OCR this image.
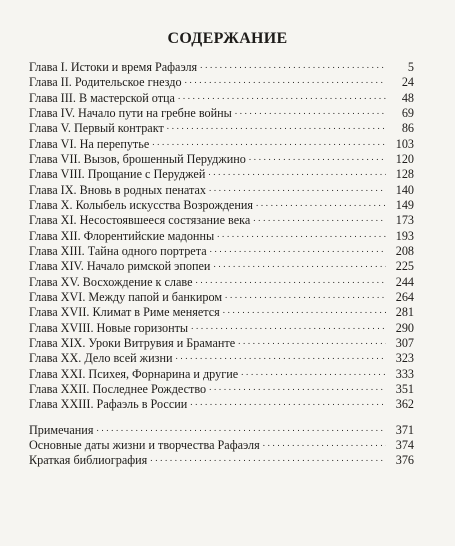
СОДЕРЖАНИЕ
Глава I. Истоки и время Рафаэля . . .	5
Глава II. Родительское гнездо . . .	24
Глава III. В мастерской отца . . .	48
Глава IV. Начало пути на гребне войны . . .	69
Глава V. Первый контракт . . .	86
Глава VI. На перепутье . . .	103
Глава VII. Вызов, брошенный Перуджино . . .	120
Глава VIII. Прощание с Перуджей . . .	128
Глава IX. Вновь в родных пенатах . . .	140
Глава X. Колыбель искусства Возрождения . . .	149
Глава XI. Несостоявшееся состязание века . . .	173
Глава XII. Флорентийские мадонны . . .	193
Глава XIII. Тайна одного портрета . . .	208
Глава XIV. Начало римской эпопеи . . .	225
Глава XV. Восхождение к славе . . .	244
Глава XVI. Между папой и банкиром . . .	264
Глава XVII. Климат в Риме меняется . . .	281
Глава XVIII. Новые горизонты . . .	290
Глава XIX. Уроки Витрувия и Браманте . . .	307
Глава XX. Дело всей жизни . . .	323
Глава XXI. Психея, Форнарина и другие . . .	333
Глава XXII. Последнее Рождество . . .	351
Глава XXIII. Рафаэль в России . . .	362
Примечания . . .	371
Основные даты жизни и творчества Рафаэля . . .	374
Краткая библиография . . .	376
